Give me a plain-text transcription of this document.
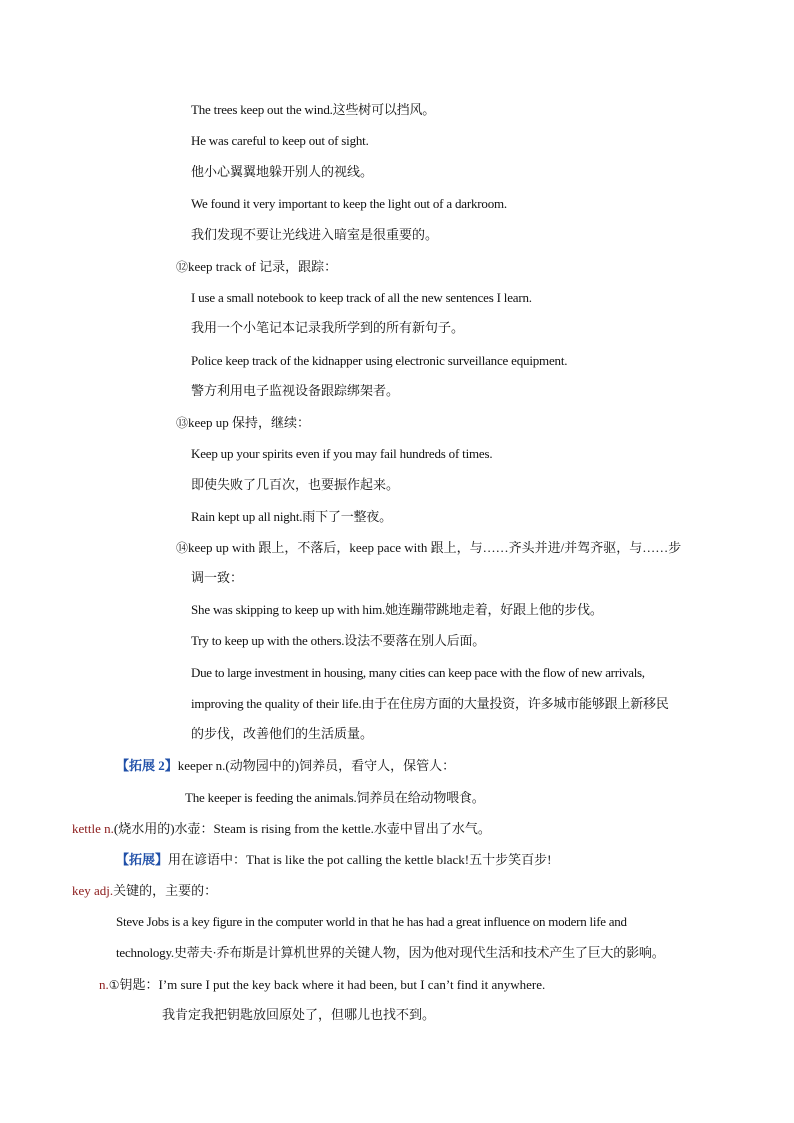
The trees keep out the wind.这些树可以挡风。
He was careful to keep out of sight.
他小心翼翼地躲开别人的视线。
We found it very important to keep the light out of a darkroom.
我们发现不要让光线进入暗室是很重要的。
⑫keep track of 记录，跟踪：
I use a small notebook to keep track of all the new sentences I learn.
我用一个小笔记本记录我所学到的所有新句子。
Police keep track of the kidnapper using electronic surveillance equipment.
警方利用电子监视设备跟踪绑架者。
⑬keep up 保持，继续：
Keep up your spirits even if you may fail hundreds of times.
即使失败了几百次，也要振作起来。
Rain kept up all night.雨下了一整夜。
⑭keep up with 跟上，不落后，keep pace with 跟上，与……齐头并进/并驾齐驱，与……步
调一致：
She was skipping to keep up with him.她连蹦带跳地走着，好跟上他的步伐。
Try to keep up with the others.设法不要落在别人后面。
Due to large investment in housing, many cities can keep pace with the flow of new arrivals,
improving the quality of their life.由于在住房方面的大量投资，许多城市能够跟上新移民
的步伐，改善他们的生活质量。
【拓展 2】keeper n.(动物园中的)饲养员，看守人，保管人：
The keeper is feeding the animals.饲养员在给动物喂食。
kettle n.(烧水用的)水壶：Steam is rising from the kettle.水壶中冒出了水气。
【拓展】用在谚语中：That is like the pot calling the kettle black!五十步笑百步!
key adj.关键的，主要的：
Steve Jobs is a key figure in the computer world in that he has had a great influence on modern life and
technology.史蒂夫·乔布斯是计算机世界的关键人物，因为他对现代生活和技术产生了巨大的影响。
n.①钥匙：I’m sure I put the key back where it had been, but I can’t find it anywhere.
我肯定我把钥匙放回原处了，但哪儿也找不到。
